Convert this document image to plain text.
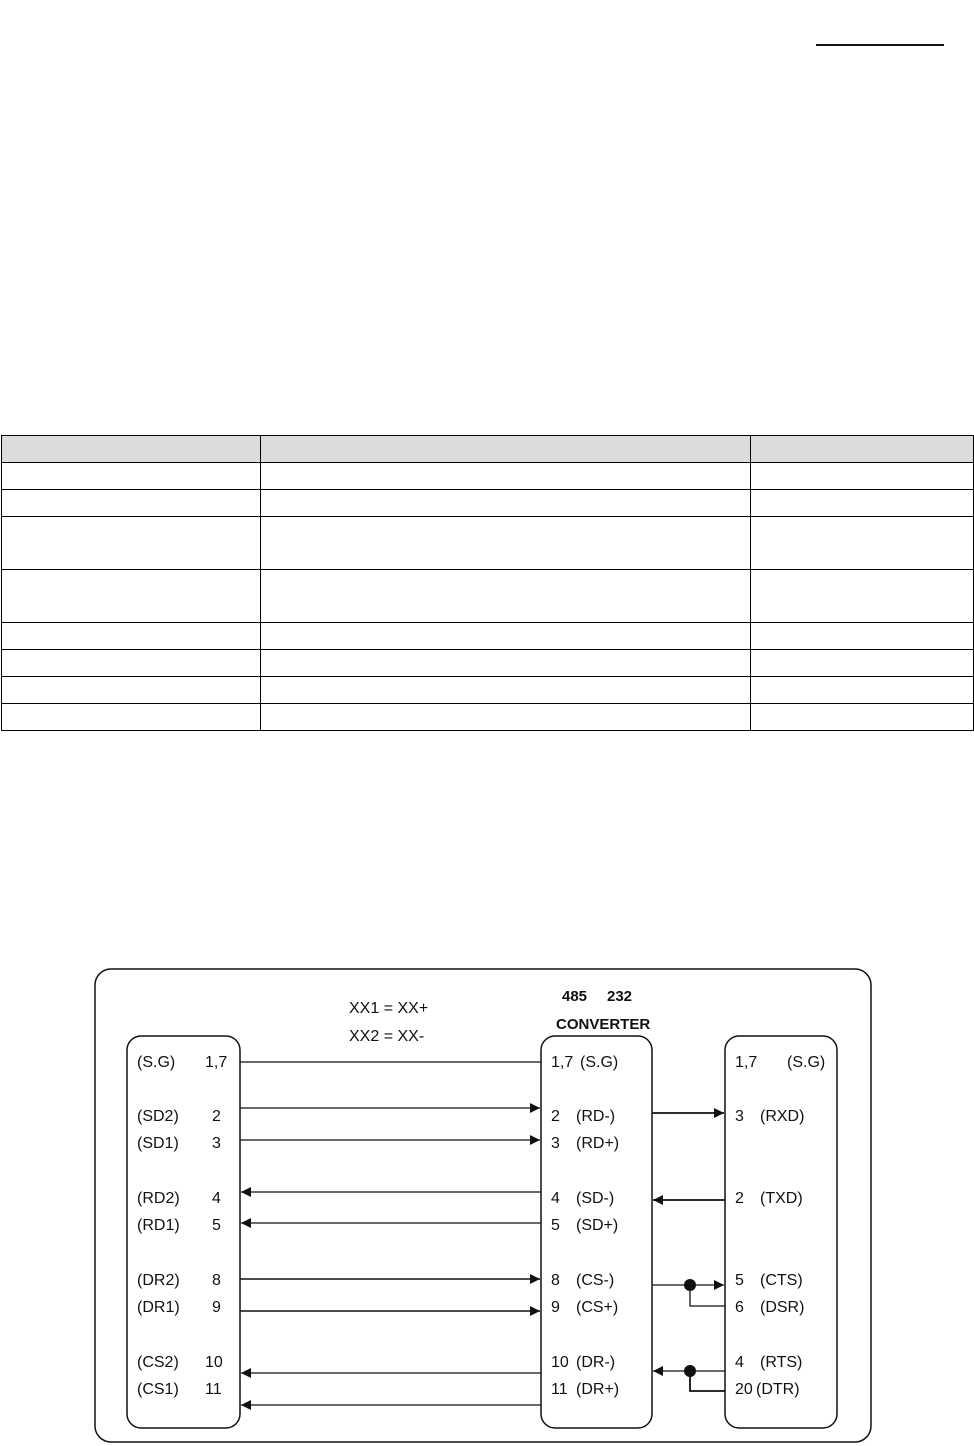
XX1 = XX+
XX2 = XX-
485 232
CONVERTER
(S.G) 1,7
(SD2) 2
(SD1) 3
(RD2) 4
(RD1) 5
(DR2) 8
(DR1) 9
(CS2) 10
(CS1) 11
1,7 (S.G)
2 (RD-)
3 (RD+)
4 (SD-)
5 (SD+)
8 (CS-)
9 (CS+)
10 (DR-)
11 (DR+)
1,7 (S.G)
3 (RXD)
2 (TXD)
5 (CTS)
6 (DSR)
4 (RTS)
20 (DTR)
